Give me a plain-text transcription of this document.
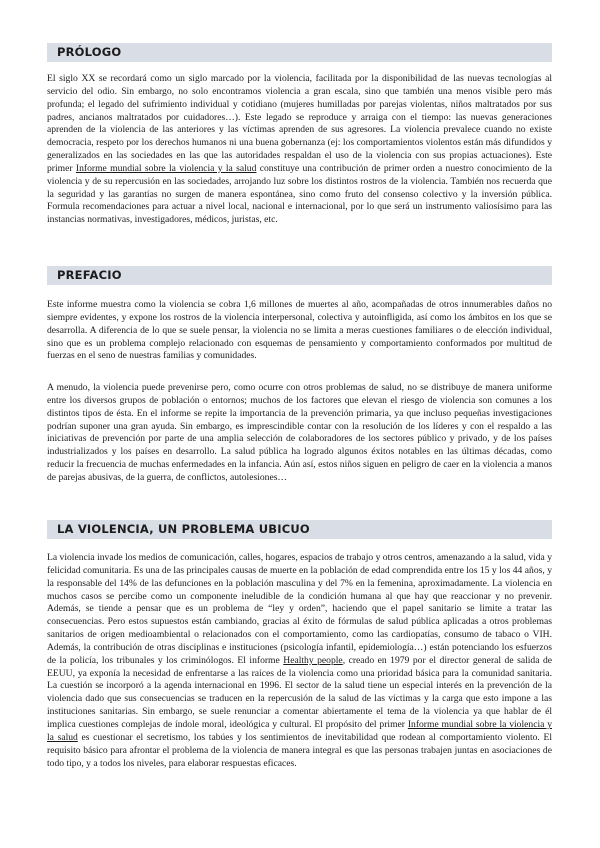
PRÓLOGO

El siglo XX se recordará como un siglo marcado por la violencia, facilitada por la disponibilidad de las nuevas tecnologías al servicio del odio. Sin embargo, no solo encontramos violencia a gran escala, sino que también una menos visible pero más profunda; el legado del sufrimiento individual y cotidiano (mujeres humilladas por parejas violentas, niños maltratados por sus padres, ancianos maltratados por cuidadores…). Este legado se reproduce y arraiga con el tiempo: las nuevas generaciones aprenden de la violencia de las anteriores y las víctimas aprenden de sus agresores. La violencia prevalece cuando no existe democracia, respeto por los derechos humanos ni una buena gobernanza (ej: los comportamientos violentos están más difundidos y generalizados en las sociedades en las que las autoridades respaldan el uso de la violencia con sus propias actuaciones). Este primer Informe mundial sobre la violencia y la salud constituye una contribución de primer orden a nuestro conocimiento de la violencia y de su repercusión en las sociedades, arrojando luz sobre los distintos rostros de la violencia. También nos recuerda que la seguridad y las garantías no surgen de manera espontánea, sino como fruto del consenso colectivo y la inversión pública. Formula recomendaciones para actuar a nivel local, nacional e internacional, por lo que será un instrumento valiosísimo para las instancias normativas, investigadores, médicos, juristas, etc.

PREFACIO

Este informe muestra como la violencia se cobra 1,6 millones de muertes al año, acompañadas de otros innumerables daños no siempre evidentes, y expone los rostros de la violencia interpersonal, colectiva y autoinfligida, así como los ámbitos en los que se desarrolla. A diferencia de lo que se suele pensar, la violencia no se limita a meras cuestiones familiares o de elección individual, sino que es un problema complejo relacionado con esquemas de pensamiento y comportamiento conformados por multitud de fuerzas en el seno de nuestras familias y comunidades.

A menudo, la violencia puede prevenirse pero, como ocurre con otros problemas de salud, no se distribuye de manera uniforme entre los diversos grupos de población o entornos; muchos de los factores que elevan el riesgo de violencia son comunes a los distintos tipos de ésta. En el informe se repite la importancia de la prevención primaria, ya que incluso pequeñas investigaciones podrían suponer una gran ayuda. Sin embargo, es imprescindible contar con la resolución de los líderes y con el respaldo a las iniciativas de prevención por parte de una amplia selección de colaboradores de los sectores público y privado, y de los países industrializados y los países en desarrollo. La salud pública ha logrado algunos éxitos notables en las últimas décadas, como reducir la frecuencia de muchas enfermedades en la infancia. Aún así, estos niños siguen en peligro de caer en la violencia a manos de parejas abusivas, de la guerra, de conflictos, autolesiones…

LA VIOLENCIA, UN PROBLEMA UBICUO

La violencia invade los medios de comunicación, calles, hogares, espacios de trabajo y otros centros, amenazando a la salud, vida y felicidad comunitaria. Es una de las principales causas de muerte en la población de edad comprendida entre los 15 y los 44 años, y la responsable del 14% de las defunciones en la población masculina y del 7% en la femenina, aproximadamente. La violencia en muchos casos se percibe como un componente ineludible de la condición humana al que hay que reaccionar y no prevenir. Además, se tiende a pensar que es un problema de “ley y orden”, haciendo que el papel sanitario se limite a tratar las consecuencias. Pero estos supuestos están cambiando, gracias al éxito de fórmulas de salud pública aplicadas a otros problemas sanitarios de origen medioambiental o relacionados con el comportamiento, como las cardiopatías, consumo de tabaco o VIH. Además, la contribución de otras disciplinas e instituciones (psicología infantil, epidemiología…) están potenciando los esfuerzos de la policía, los tribunales y los criminólogos. El informe Healthy people, creado en 1979 por el director general de salida de EEUU, ya exponía la necesidad de enfrentarse a las raíces de la violencia como una prioridad básica para la comunidad sanitaria. La cuestión se incorporó a la agenda internacional en 1996. El sector de la salud tiene un especial interés en la prevención de la violencia dado que sus consecuencias se traducen en la repercusión de la salud de las víctimas y la carga que esto impone a las instituciones sanitarias. Sin embargo, se suele renunciar a comentar abiertamente el tema de la violencia ya que hablar de él implica cuestiones complejas de índole moral, ideológica y cultural. El propósito del primer Informe mundial sobre la violencia y la salud es cuestionar el secretismo, los tabúes y los sentimientos de inevitabilidad que rodean al comportamiento violento. El requisito básico para afrontar el problema de la violencia de manera integral es que las personas trabajen juntas en asociaciones de todo tipo, y a todos los niveles, para elaborar respuestas eficaces.
